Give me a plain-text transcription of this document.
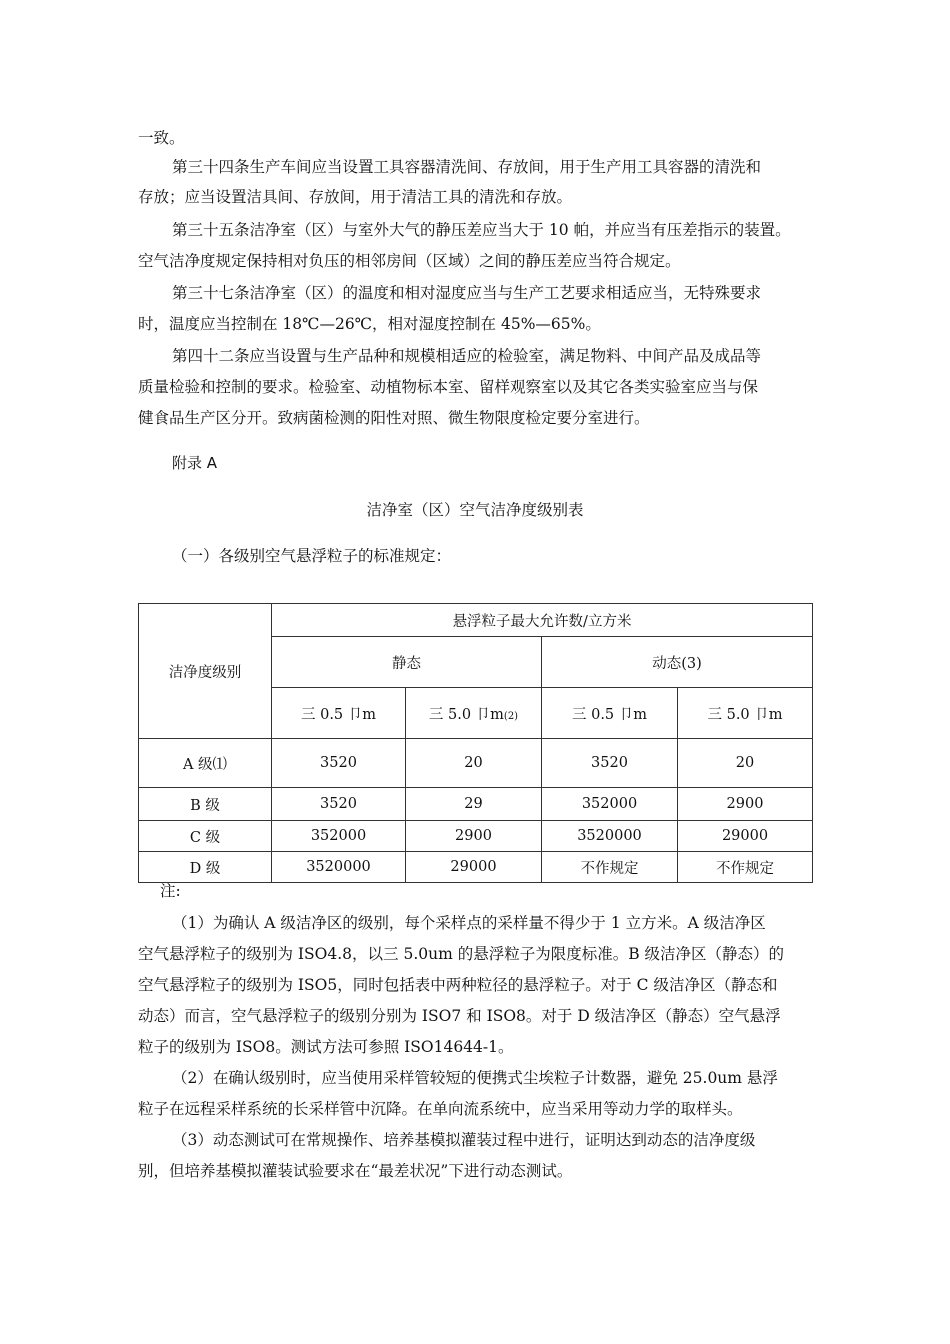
一致。
第三十四条生产车间应当设置工具容器清洗间、存放间，用于生产用工具容器的清洗和
存放；应当设置洁具间、存放间，用于清洁工具的清洗和存放。
第三十五条洁净室（区）与室外大气的静压差应当大于 10 帕，并应当有压差指示的装置。
空气洁净度规定保持相对负压的相邻房间（区域）之间的静压差应当符合规定。
第三十七条洁净室（区）的温度和相对湿度应当与生产工艺要求相适应当，无特殊要求
时，温度应当控制在 18℃—26℃，相对湿度控制在 45%—65%。
第四十二条应当设置与生产品种和规模相适应的检验室，满足物料、中间产品及成品等
质量检验和控制的要求。检验室、动植物标本室、留样观察室以及其它各类实验室应当与保
健食品生产区分开。致病菌检测的阳性对照、微生物限度检定要分室进行。
附录 A
洁净室（区）空气洁净度级别表
（一）各级别空气悬浮粒子的标准规定：
洁净度级别	悬浮粒子最大允许数/立方米			
	静态		动态(3)	
	三 0.5 卩m	三 5.0 卩m(2)	三 0.5 卩m	三 5.0 卩m
A 级⑴	3520	20	3520	20
B 级	3520	29	352000	2900
C 级	352000	2900	3520000	29000
D 级	3520000	29000	不作规定	不作规定
注:
（1）为确认 A 级洁净区的级别，每个采样点的采样量不得少于 1 立方米。A 级洁净区
空气悬浮粒子的级别为 ISO4.8，以三 5.0um 的悬浮粒子为限度标准。B 级洁净区（静态）的
空气悬浮粒子的级别为 ISO5，同时包括表中两种粒径的悬浮粒子。对于 C 级洁净区（静态和
动态）而言，空气悬浮粒子的级别分别为 ISO7 和 ISO8。对于 D 级洁净区（静态）空气悬浮
粒子的级别为 ISO8。测试方法可参照 ISO14644-1。
（2）在确认级别时，应当使用采样管较短的便携式尘埃粒子计数器，避免 25.0um 悬浮
粒子在远程采样系统的长采样管中沉降。在单向流系统中，应当采用等动力学的取样头。
（3）动态测试可在常规操作、培养基模拟灌装过程中进行，证明达到动态的洁净度级
别，但培养基模拟灌装试验要求在“最差状况”下进行动态测试。
